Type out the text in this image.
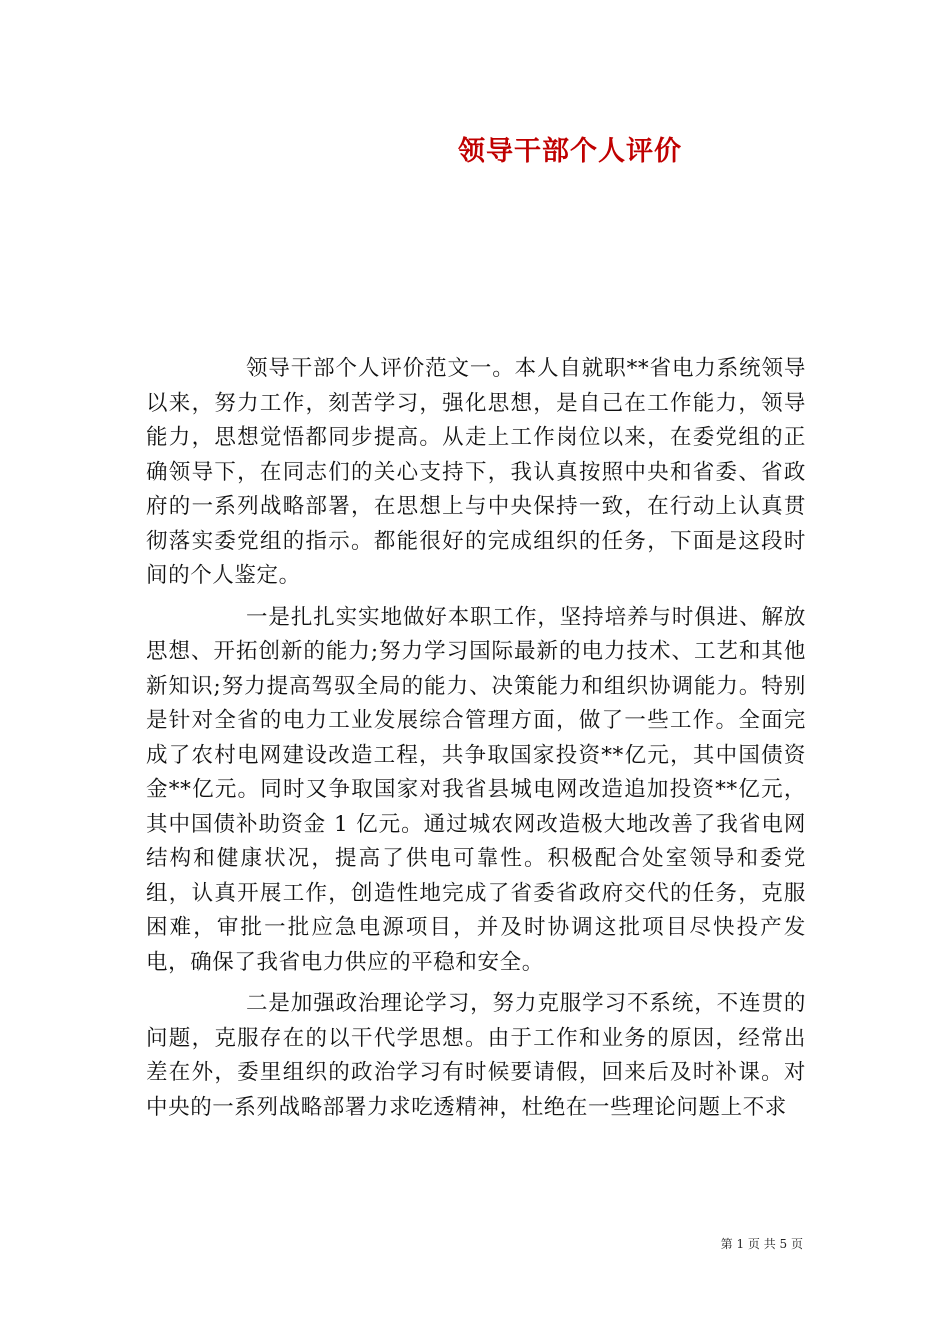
领导干部个人评价

领导干部个人评价范文一。本人自就职**省电力系统领导以来，努力工作，刻苦学习，强化思想，是自己在工作能力，领导能力，思想觉悟都同步提高。从走上工作岗位以来，在委党组的正确领导下，在同志们的关心支持下，我认真按照中央和省委、省政府的一系列战略部署，在思想上与中央保持一致，在行动上认真贯彻落实委党组的指示。都能很好的完成组织的任务，下面是这段时间的个人鉴定。

一是扎扎实实地做好本职工作，坚持培养与时俱进、解放思想、开拓创新的能力;努力学习国际最新的电力技术、工艺和其他新知识;努力提高驾驭全局的能力、决策能力和组织协调能力。特别是针对全省的电力工业发展综合管理方面，做了一些工作。全面完成了农村电网建设改造工程，共争取国家投资**亿元，其中国债资金**亿元。同时又争取国家对我省县城电网改造追加投资**亿元，其中国债补助资金 1 亿元。通过城农网改造极大地改善了我省电网结构和健康状况，提高了供电可靠性。积极配合处室领导和委党组，认真开展工作，创造性地完成了省委省政府交代的任务，克服困难，审批一批应急电源项目，并及时协调这批项目尽快投产发电，确保了我省电力供应的平稳和安全。

二是加强政治理论学习，努力克服学习不系统，不连贯的问题，克服存在的以干代学思想。由于工作和业务的原因，经常出差在外，委里组织的政治学习有时候要请假，回来后及时补课。对中央的一系列战略部署力求吃透精神，杜绝在一些理论问题上不求

第 1 页 共 5 页
